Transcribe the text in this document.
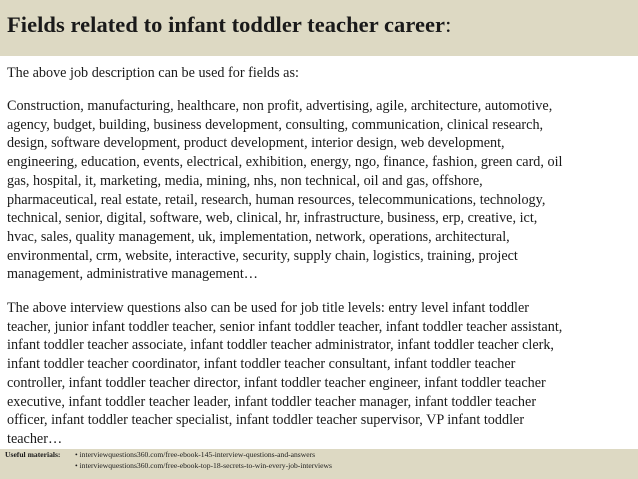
Fields related to infant toddler teacher career:
The above job description can be used for fields as:
Construction, manufacturing, healthcare, non profit, advertising, agile, architecture, automotive,
agency, budget, building, business development, consulting, communication, clinical research,
design, software development, product development, interior design, web development,
engineering, education, events, electrical, exhibition, energy, ngo, finance, fashion, green card, oil
gas, hospital, it, marketing, media, mining, nhs, non technical, oil and gas, offshore,
pharmaceutical, real estate, retail, research, human resources, telecommunications, technology,
technical, senior, digital, software, web, clinical, hr, infrastructure, business, erp, creative, ict,
hvac, sales, quality management, uk, implementation, network, operations, architectural,
environmental, crm, website, interactive, security, supply chain, logistics, training, project
management, administrative management…
The above interview questions also can be used for job title levels: entry level infant toddler
teacher, junior infant toddler teacher, senior infant toddler teacher, infant toddler teacher assistant,
infant toddler teacher associate, infant toddler teacher administrator, infant toddler teacher clerk,
infant toddler teacher coordinator, infant toddler teacher consultant, infant toddler teacher
controller, infant toddler teacher director, infant toddler teacher engineer, infant toddler teacher
executive, infant toddler teacher leader, infant toddler teacher manager, infant toddler teacher
officer, infant toddler teacher specialist, infant toddler teacher supervisor, VP infant toddler
teacher…
Useful materials: • interviewquestions360.com/free-ebook-145-interview-questions-and-answers
• interviewquestions360.com/free-ebook-top-18-secrets-to-win-every-job-interviews
